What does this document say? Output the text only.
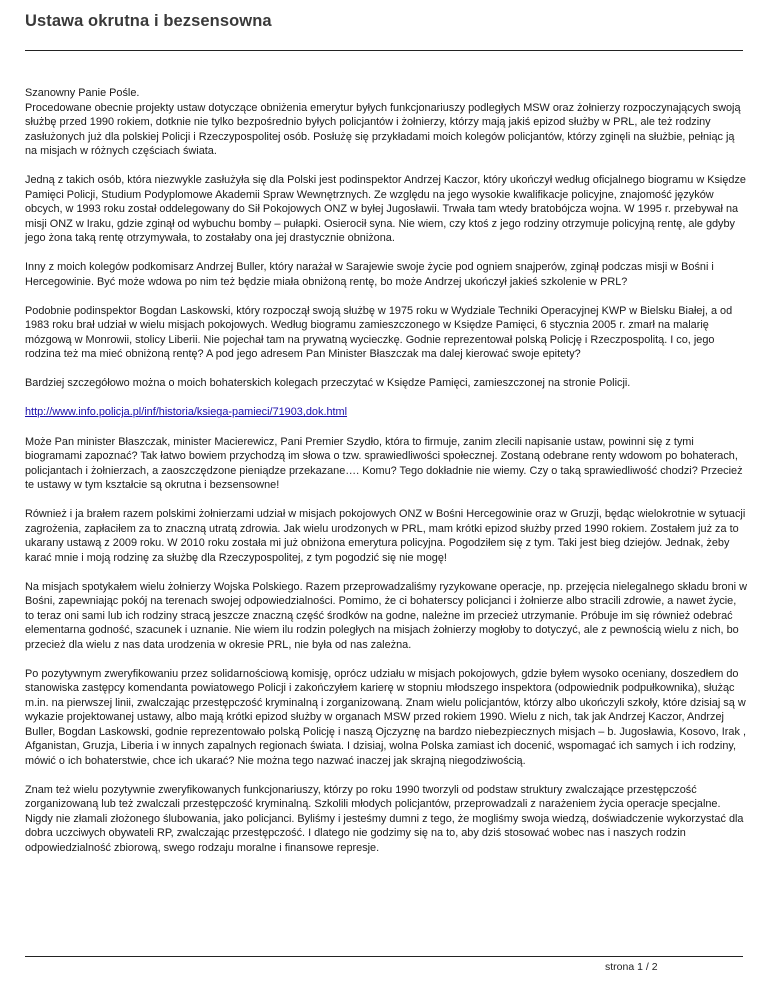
Ustawa okrutna i bezsensowna

Szanowny Panie Pośle.
Procedowane obecnie projekty ustaw dotyczące obniżenia emerytur byłych funkcjonariuszy podległych MSW oraz żołnierzy rozpoczynających swoją służbę przed 1990 rokiem, dotknie nie tylko bezpośrednio byłych policjantów i żołnierzy, którzy mają jakiś epizod służby w PRL, ale też rodziny zasłużonych już dla polskiej Policji i Rzeczypospolitej osób. Posłużę się przykładami moich kolegów policjantów, którzy zginęli na służbie, pełniąc ją na misjach w różnych częściach świata.

Jedną z takich osób, która niezwykle zasłużyła się dla Polski jest podinspektor Andrzej Kaczor, który ukończył według oficjalnego biogramu w Księdze Pamięci Policji, Studium Podyplomowe Akademii Spraw Wewnętrznych. Ze względu na jego wysokie kwalifikacje policyjne, znajomość języków obcych, w 1993 roku został oddelegowany do Sił Pokojowych ONZ w byłej Jugosławii. Trwała tam wtedy bratobójcza wojna. W 1995 r. przebywał na misji ONZ w Iraku, gdzie zginął od wybuchu bomby – pułapki. Osierocił syna. Nie wiem, czy ktoś z jego rodziny otrzymuje policyjną rentę, ale gdyby jego żona taką rentę otrzymywała, to zostałaby ona jej drastycznie obniżona.

Inny z moich kolegów podkomisarz Andrzej Buller, który narażał w Sarajewie swoje życie pod ogniem snajperów, zginął podczas misji w Bośni i Hercegowinie. Być może wdowa po nim też będzie miała obniżoną rentę, bo może Andrzej ukończył jakieś szkolenie w PRL?

Podobnie podinspektor Bogdan Laskowski, który rozpoczął swoją służbę w 1975 roku w Wydziale Techniki Operacyjnej KWP w Bielsku Białej, a od 1983 roku brał udział w wielu misjach pokojowych. Według biogramu zamieszczonego w Księdze Pamięci, 6 stycznia 2005 r. zmarł na malarię mózgową w Monrowii, stolicy Liberii. Nie pojechał tam na prywatną wycieczkę. Godnie reprezentował polską Policję i Rzeczpospolitą. I co, jego rodzina też ma mieć obniżoną rentę? A pod jego adresem Pan Minister Błaszczak ma dalej kierować swoje epitety?

Bardziej szczegółowo można o moich bohaterskich kolegach przeczytać w Księdze Pamięci, zamieszczonej na stronie Policji.

http://www.info.policja.pl/inf/historia/ksiega-pamieci/71903,dok.html

Może Pan minister Błaszczak, minister Macierewicz, Pani Premier Szydło, która to firmuje, zanim zlecili napisanie ustaw, powinni się z tymi biogramami zapoznać? Tak łatwo bowiem przychodzą im słowa o tzw. sprawiedliwości społecznej. Zostaną odebrane renty wdowom po bohaterach, policjantach i żołnierzach, a zaoszczędzone pieniądze przekazane…. Komu? Tego dokładnie nie wiemy. Czy o taką sprawiedliwość chodzi? Przecież te ustawy w tym kształcie są okrutna i bezsensowne!

Również i ja brałem razem polskimi żołnierzami udział w misjach pokojowych ONZ w Bośni Hercegowinie oraz w Gruzji, będąc wielokrotnie w sytuacji zagrożenia, zapłaciłem za to znaczną utratą zdrowia. Jak wielu urodzonych w PRL, mam krótki epizod służby przed 1990 rokiem. Zostałem już za to ukarany ustawą z 2009 roku. W 2010 roku została mi już obniżona emerytura policyjna. Pogodziłem się z tym. Taki jest bieg dziejów. Jednak, żeby karać mnie i moją rodzinę za służbę dla Rzeczypospolitej, z tym pogodzić się nie mogę!

Na misjach spotykałem wielu żołnierzy Wojska Polskiego. Razem przeprowadzaliśmy ryzykowane operacje, np. przejęcia nielegalnego składu broni w Bośni, zapewniając pokój na terenach swojej odpowiedzialności. Pomimo, że ci bohaterscy policjanci i żołnierze albo stracili zdrowie, a nawet życie, to teraz oni sami lub ich rodziny stracą jeszcze znaczną część środków na godne, należne im przecież utrzymanie. Próbuje im się również odebrać elementarna godność, szacunek i uznanie. Nie wiem ilu rodzin poległych na misjach żołnierzy mogłoby to dotyczyć, ale z pewnością wielu z nich, bo przecież dla wielu z nas data urodzenia w okresie PRL, nie była od nas zależna.

Po pozytywnym zweryfikowaniu przez solidarnościową komisję, oprócz udziału w misjach pokojowych, gdzie byłem wysoko oceniany, doszedłem do stanowiska zastępcy komendanta powiatowego Policji i zakończyłem karierę w stopniu młodszego inspektora (odpowiednik podpułkownika), służąc m.in. na pierwszej linii, zwalczając przestępczość kryminalną i zorganizowaną. Znam wielu policjantów, którzy albo ukończyli szkoły, które dzisiaj są w wykazie projektowanej ustawy, albo mają krótki epizod służby w organach MSW przed rokiem 1990. Wielu z nich, tak jak Andrzej Kaczor, Andrzej Buller, Bogdan Laskowski, godnie reprezentowało polską Policję i naszą Ojczyznę na bardzo niebezpiecznych misjach – b. Jugosławia, Kosovo, Irak , Afganistan, Gruzja, Liberia i w innych zapalnych regionach świata. I dzisiaj, wolna Polska zamiast ich docenić, wspomagać ich samych i ich rodziny, mówić o ich bohaterstwie, chce ich ukarać? Nie można tego nazwać inaczej jak skrajną niegodziwością.

Znam też wielu pozytywnie zweryfikowanych funkcjonariuszy, którzy po roku 1990 tworzyli od podstaw struktury zwalczające przestępczość zorganizowaną lub też zwalczali przestępczość kryminalną. Szkolili młodych policjantów, przeprowadzali z narażeniem życia operacje specjalne. Nigdy nie złamali złożonego ślubowania, jako policjanci. Byliśmy i jesteśmy dumni z tego, że mogliśmy swoja wiedzą, doświadczenie wykorzystać dla dobra uczciwych obywateli RP, zwalczając przestępczość. I dlatego nie godzimy się na to, aby dziś stosować wobec nas i naszych rodzin odpowiedzialność zbiorową, swego rodzaju moralne i finansowe represje.

strona 1 / 2
